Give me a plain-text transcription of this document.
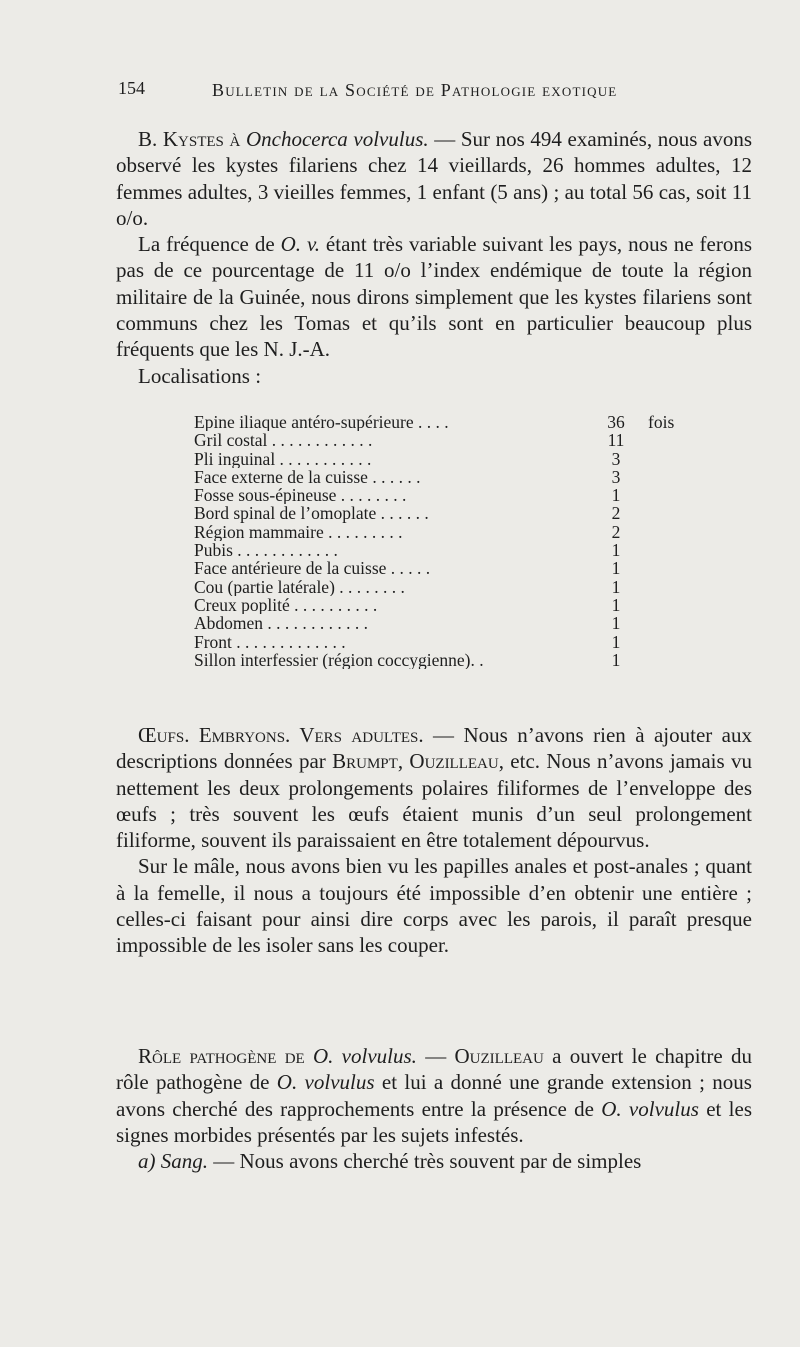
154	Bulletin de la Société de Pathologie exotique

B. Kystes à Onchocerca volvulus. — Sur nos 494 examinés, nous avons observé les kystes filariens chez 14 vieillards, 26 hommes adultes, 12 femmes adultes, 3 vieilles femmes, 1 enfant (5 ans) ; au total 56 cas, soit 11 o/o.

La fréquence de O. v. étant très variable suivant les pays, nous ne ferons pas de ce pourcentage de 11 o/o l’index endémique de toute la région militaire de la Guinée, nous dirons simplement que les kystes filariens sont communs chez les Tomas et qu’ils sont en particulier beaucoup plus fréquents que les N. J.-A.

Localisations :

Epine iliaque antéro-supérieure . . . .	36 fois
Gril costal . . . . . . . . . . . .	11
Pli inguinal . . . . . . . . . . .	3
Face externe de la cuisse . . . . . .	3
Fosse sous-épineuse . . . . . . . .	1
Bord spinal de l’omoplate . . . . . .	2
Région mammaire . . . . . . . . .	2
Pubis . . . . . . . . . . . .	1
Face antérieure de la cuisse . . . . .	1
Cou (partie latérale) . . . . . . . .	1
Creux poplité . . . . . . . . . .	1
Abdomen . . . . . . . . . . . .	1
Front . . . . . . . . . . . . .	1
Sillon interfessier (région coccygienne). .	1

Œufs. Embryons. Vers adultes. — Nous n’avons rien à ajouter aux descriptions données par Brumpt, Ouzilleau, etc. Nous n’avons jamais vu nettement les deux prolongements polaires filiformes de l’enveloppe des œufs ; très souvent les œufs étaient munis d’un seul prolongement filiforme, souvent ils paraissaient en être totalement dépourvus.

Sur le mâle, nous avons bien vu les papilles anales et post-anales ; quant à la femelle, il nous a toujours été impossible d’en obtenir une entière ; celles-ci faisant pour ainsi dire corps avec les parois, il paraît presque impossible de les isoler sans les couper.

Rôle pathogène de O. volvulus. — Ouzilleau a ouvert le chapitre du rôle pathogène de O. volvulus et lui a donné une grande extension ; nous avons cherché des rapprochements entre la présence de O. volvulus et les signes morbides présentés par les sujets infestés.

a) Sang. — Nous avons cherché très souvent par de simples
